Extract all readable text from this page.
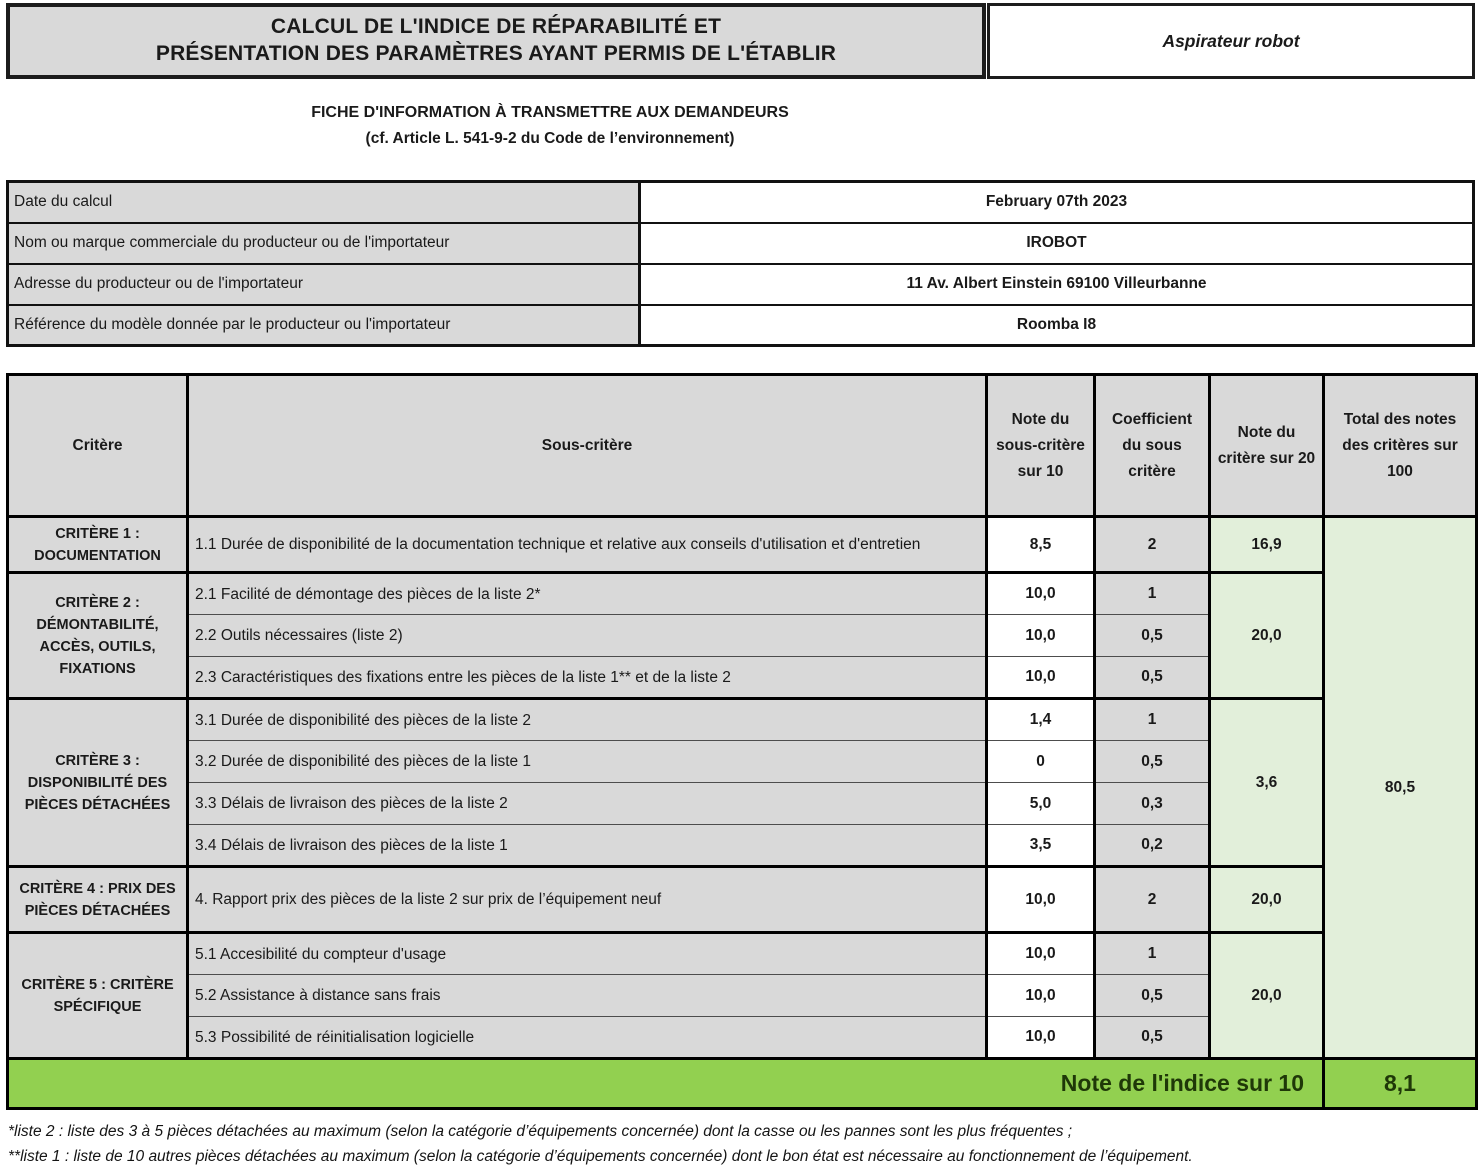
CALCUL DE L'INDICE DE RÉPARABILITÉ ET
PRÉSENTATION DES PARAMÈTRES AYANT PERMIS DE L'ÉTABLIR
Aspirateur robot
FICHE D'INFORMATION À TRANSMETTRE AUX DEMANDEURS
(cf. Article L. 541-9-2 du Code de l’environnement)
Date du calcul	February 07th 2023
Nom ou marque commerciale du producteur ou de l'importateur	IROBOT
Adresse du producteur ou de l'importateur	11 Av. Albert Einstein 69100 Villeurbanne
Référence du modèle donnée par le producteur ou l'importateur	Roomba I8
Critère	Sous-critère	Note du sous-critère sur 10	Coefficient du sous critère	Note du critère sur 20	Total des notes des critères sur 100
CRITÈRE 1 : DOCUMENTATION	1.1 Durée de disponibilité de la documentation technique et relative aux conseils d'utilisation et d'entretien	8,5	2	16,9	80,5
CRITÈRE 2 : DÉMONTABILITÉ, ACCÈS, OUTILS, FIXATIONS	2.1 Facilité de démontage des pièces de la liste 2*	10,0	1	20,0	
	2.2 Outils nécessaires (liste 2)	10,0	0,5		
	2.3 Caractéristiques des fixations entre les pièces de la liste 1** et de la liste 2	10,0	0,5		
CRITÈRE 3 : DISPONIBILITÉ DES PIÈCES DÉTACHÉES	3.1 Durée de disponibilité des pièces de la liste 2	1,4	1	3,6	
	3.2 Durée de disponibilité des pièces de la liste 1	0	0,5		
	3.3 Délais de livraison des pièces de la liste 2	5,0	0,3		
	3.4 Délais de livraison des pièces de la liste 1	3,5	0,2		
CRITÈRE 4 : PRIX DES PIÈCES DÉTACHÉES	4. Rapport prix des pièces de la liste 2 sur prix de l’équipement neuf	10,0	2	20,0	
CRITÈRE 5 : CRITÈRE SPÉCIFIQUE	5.1 Accesibilité du compteur d'usage	10,0	1	20,0	
	5.2 Assistance à distance sans frais	10,0	0,5		
	5.3 Possibilité de réinitialisation logicielle	10,0	0,5		
Note de l'indice sur 10					8,1
*liste 2 : liste des 3 à 5 pièces détachées au maximum (selon la catégorie d’équipements concernée) dont la casse ou les pannes sont les plus fréquentes ;
**liste 1 : liste de 10 autres pièces détachées au maximum (selon la catégorie d’équipements concernée) dont le bon état est nécessaire au fonctionnement de l’équipement.
